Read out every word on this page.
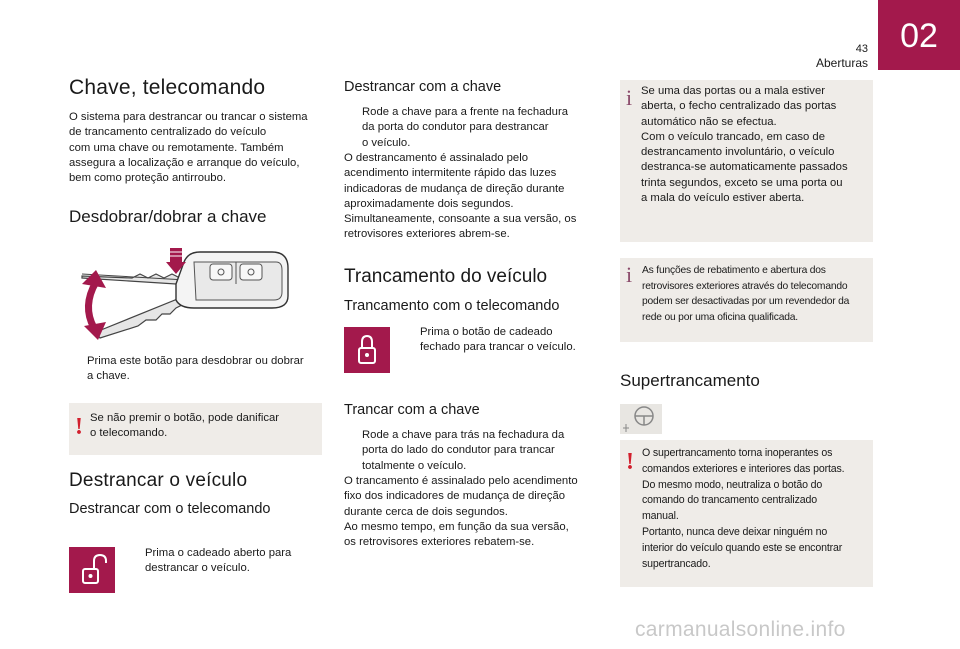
02
43
Aberturas
Chave, telecomando
O sistema para destrancar ou trancar o sistema
de trancamento centralizado do veículo
com uma chave ou remotamente. Também
assegura a localização e arranque do veículo,
bem como proteção antirroubo.
Desdobrar/dobrar a chave
Prima este botão para desdobrar ou dobrar
a chave.
! Se não premir o botão, pode danificar
o telecomando.
Destrancar o veículo
Destrancar com o telecomando
Prima o cadeado aberto para
destrancar o veículo.
Destrancar com a chave
Rode a chave para a frente na fechadura
da porta do condutor para destrancar
o veículo.
O destrancamento é assinalado pelo
acendimento intermitente rápido das luzes
indicadoras de mudança de direção durante
aproximadamente dois segundos.
Simultaneamente, consoante a sua versão, os
retrovisores exteriores abrem-se.
Trancamento do veículo
Trancamento com o telecomando
Prima o botão de cadeado
fechado para trancar o veículo.
Trancar com a chave
Rode a chave para trás na fechadura da
porta do lado do condutor para trancar
totalmente o veículo.
O trancamento é assinalado pelo acendimento
fixo dos indicadores de mudança de direção
durante cerca de dois segundos.
Ao mesmo tempo, em função da sua versão,
os retrovisores exteriores rebatem-se.
i Se uma das portas ou a mala estiver
aberta, o fecho centralizado das portas
automático não se efectua.
Com o veículo trancado, em caso de
destrancamento involuntário, o veículo
destranca-se automaticamente passados
trinta segundos, exceto se uma porta ou
a mala do veículo estiver aberta.
i As funções de rebatimento e abertura dos
retrovisores exteriores através do telecomando
podem ser desactivadas por um revendedor da
rede ou por uma oficina qualificada.
Supertrancamento
! O supertrancamento torna inoperantes os
comandos exteriores e interiores das portas.
Do mesmo modo, neutraliza o botão do
comando do trancamento centralizado
manual.
Portanto, nunca deve deixar ninguém no
interior do veículo quando este se encontrar
supertrancado.
carmanualsonline.info
